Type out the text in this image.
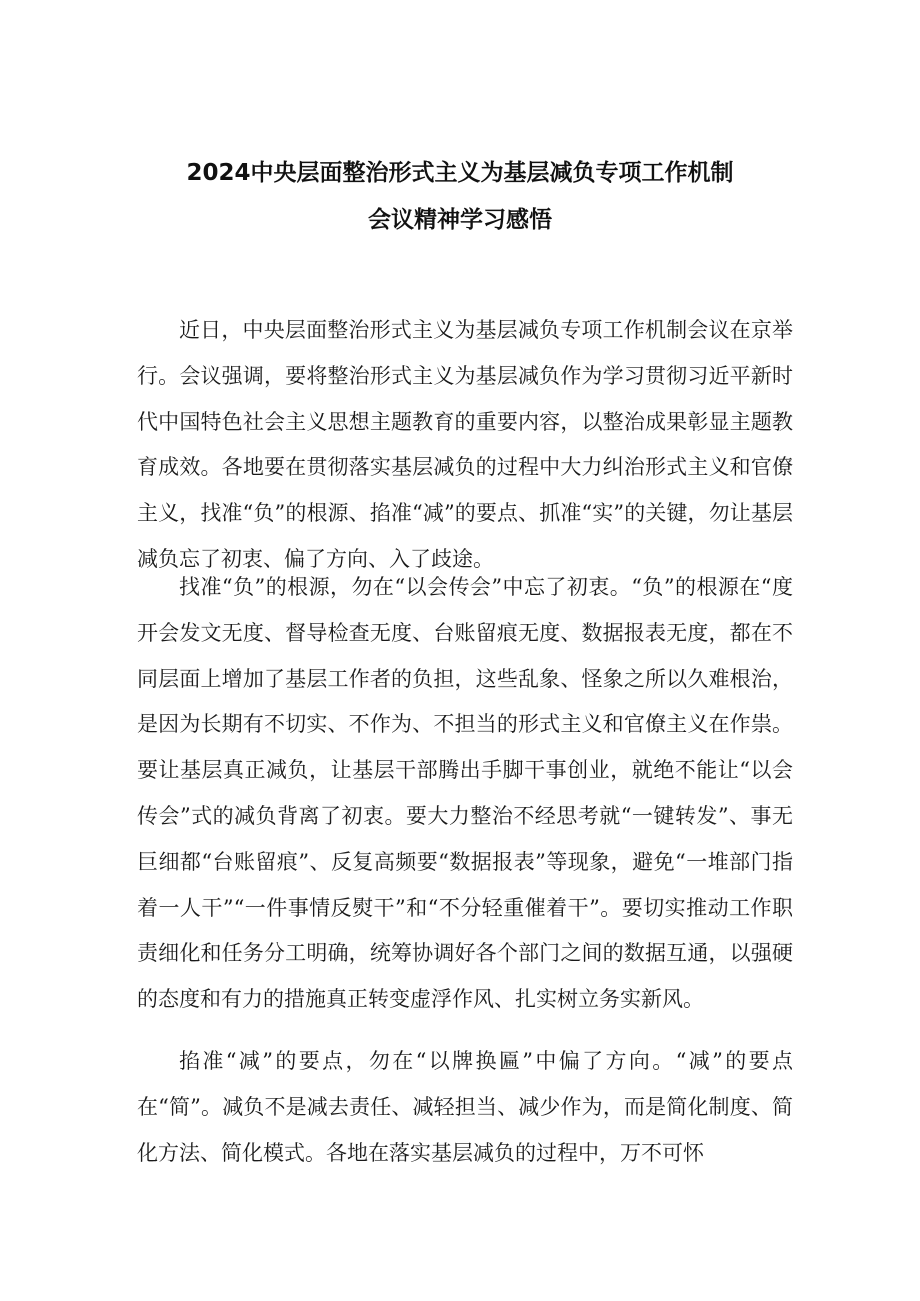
2024中央层面整治形式主义为基层减负专项工作机制
会议精神学习感悟

近日，中央层面整治形式主义为基层减负专项工作机制会议在京举行。会议强调，要将整治形式主义为基层减负作为学习贯彻习近平新时代中国特色社会主义思想主题教育的重要内容，以整治成果彰显主题教育成效。各地要在贯彻落实基层减负的过程中大力纠治形式主义和官僚主义，找准“负”的根源、掐准“减”的要点、抓准“实”的关键，勿让基层减负忘了初衷、偏了方向、入了歧途。

找准“负”的根源，勿在“以会传会”中忘了初衷。“负”的根源在“度开会发文无度、督导检查无度、台账留痕无度、数据报表无度，都在不同层面上增加了基层工作者的负担，这些乱象、怪象之所以久难根治，是因为长期有不切实、不作为、不担当的形式主义和官僚主义在作祟。要让基层真正减负，让基层干部腾出手脚干事创业，就绝不能让“以会传会”式的减负背离了初衷。要大力整治不经思考就“一键转发”、事无巨细都“台账留痕”、反复高频要“数据报表”等现象，避免“一堆部门指着一人干”“一件事情反熨干”和“不分轻重催着干”。要切实推动工作职责细化和任务分工明确，统筹协调好各个部门之间的数据互通，以强硬的态度和有力的措施真正转变虚浮作风、扎实树立务实新风。

掐准“减”的要点，勿在“以牌换匾”中偏了方向。“减”的要点在“简”。减负不是减去责任、减轻担当、减少作为，而是简化制度、简化方法、简化模式。各地在落实基层减负的过程中，万不可怀
